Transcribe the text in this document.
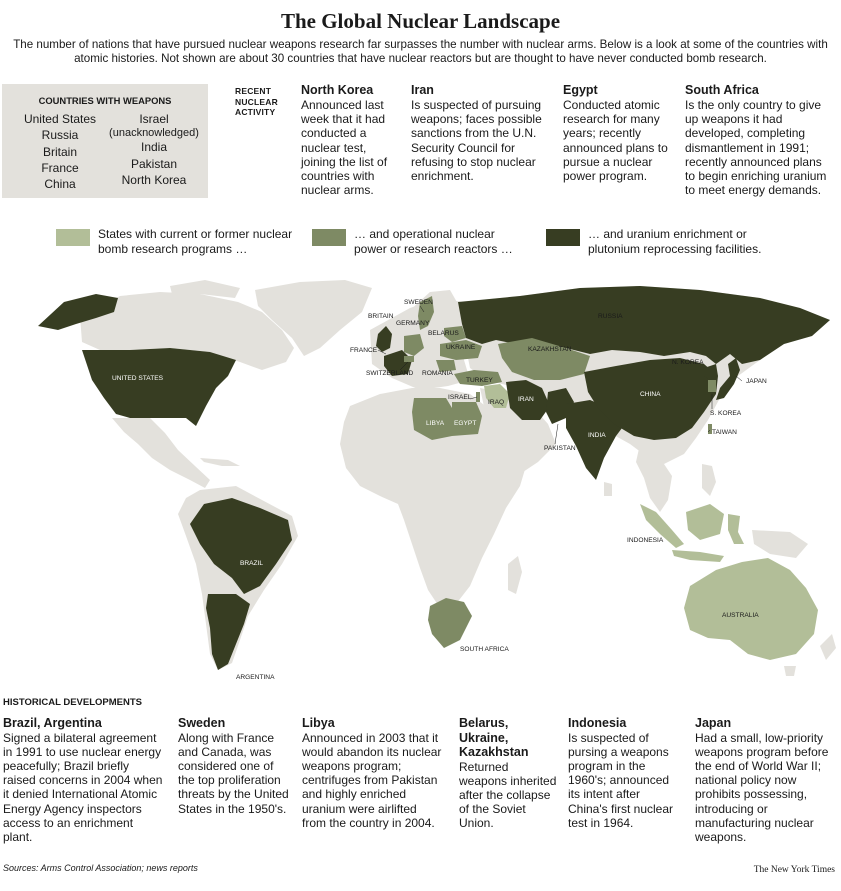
The Global Nuclear Landscape
The number of nations that have pursued nuclear weapons research far surpasses the number with nuclear arms. Below is a look at some of the countries with atomic histories. Not shown are about 30 countries that have nuclear reactors but are thought to have never conducted bomb research.
COUNTRIES WITH WEAPONS
United States
Russia
Britain
France
China
Israel
(unacknowledged)
India
Pakistan
North Korea
RECENT NUCLEAR ACTIVITY
North Korea
Announced last week that it had conducted a nuclear test, joining the list of countries with nuclear arms.
Iran
Is suspected of pursuing weapons; faces possible sanctions from the U.N. Security Council for refusing to stop nuclear enrichment.
Egypt
Conducted atomic research for many years; recently announced plans to pursue a nuclear power program.
South Africa
Is the only country to give up weapons it had developed, completing dismantlement in 1991; recently announced plans to begin enriching uranium to meet energy demands.
States with current or former nuclear bomb research programs …
… and operational nuclear power or research reactors …
… and uranium enrichment or plutonium reprocessing facilities.
RUSSIA
SWEDEN
BRITAIN
GERMANY
BELARUS
UKRAINE	KAZAKHSTAN
FRANCE
SWITZERLAND ROMANIA
TURKEY
N. KOREA
JAPAN
UNITED STATES
ISRAEL
IRAQ IRAN
CHINA
S. KOREA
LIBYA EGYPT
TAIWAN
INDIA
PAKISTAN
INDONESIA
BRAZIL
AUSTRALIA
SOUTH AFRICA
ARGENTINA
HISTORICAL DEVELOPMENTS
Brazil, Argentina
Signed a bilateral agreement in 1991 to use nuclear energy peacefully; Brazil briefly raised concerns in 2004 when it denied International Atomic Energy Agency inspectors access to an enrichment plant.
Sweden
Along with France and Canada, was considered one of the top proliferation threats by the United States in the 1950's.
Libya
Announced in 2003 that it would abandon its nuclear weapons program; centrifuges from Pakistan and highly enriched uranium were airlifted from the country in 2004.
Belarus, Ukraine, Kazakhstan
Returned weapons inherited after the collapse of the Soviet Union.
Indonesia
Is suspected of pursing a weapons program in the 1960's; announced its intent after China's first nuclear test in 1964.
Japan
Had a small, low-priority weapons program before the end of World War II; national policy now prohibits possessing, introducing or manufacturing nuclear weapons.
Sources: Arms Control Association; news reports	The New York Times
